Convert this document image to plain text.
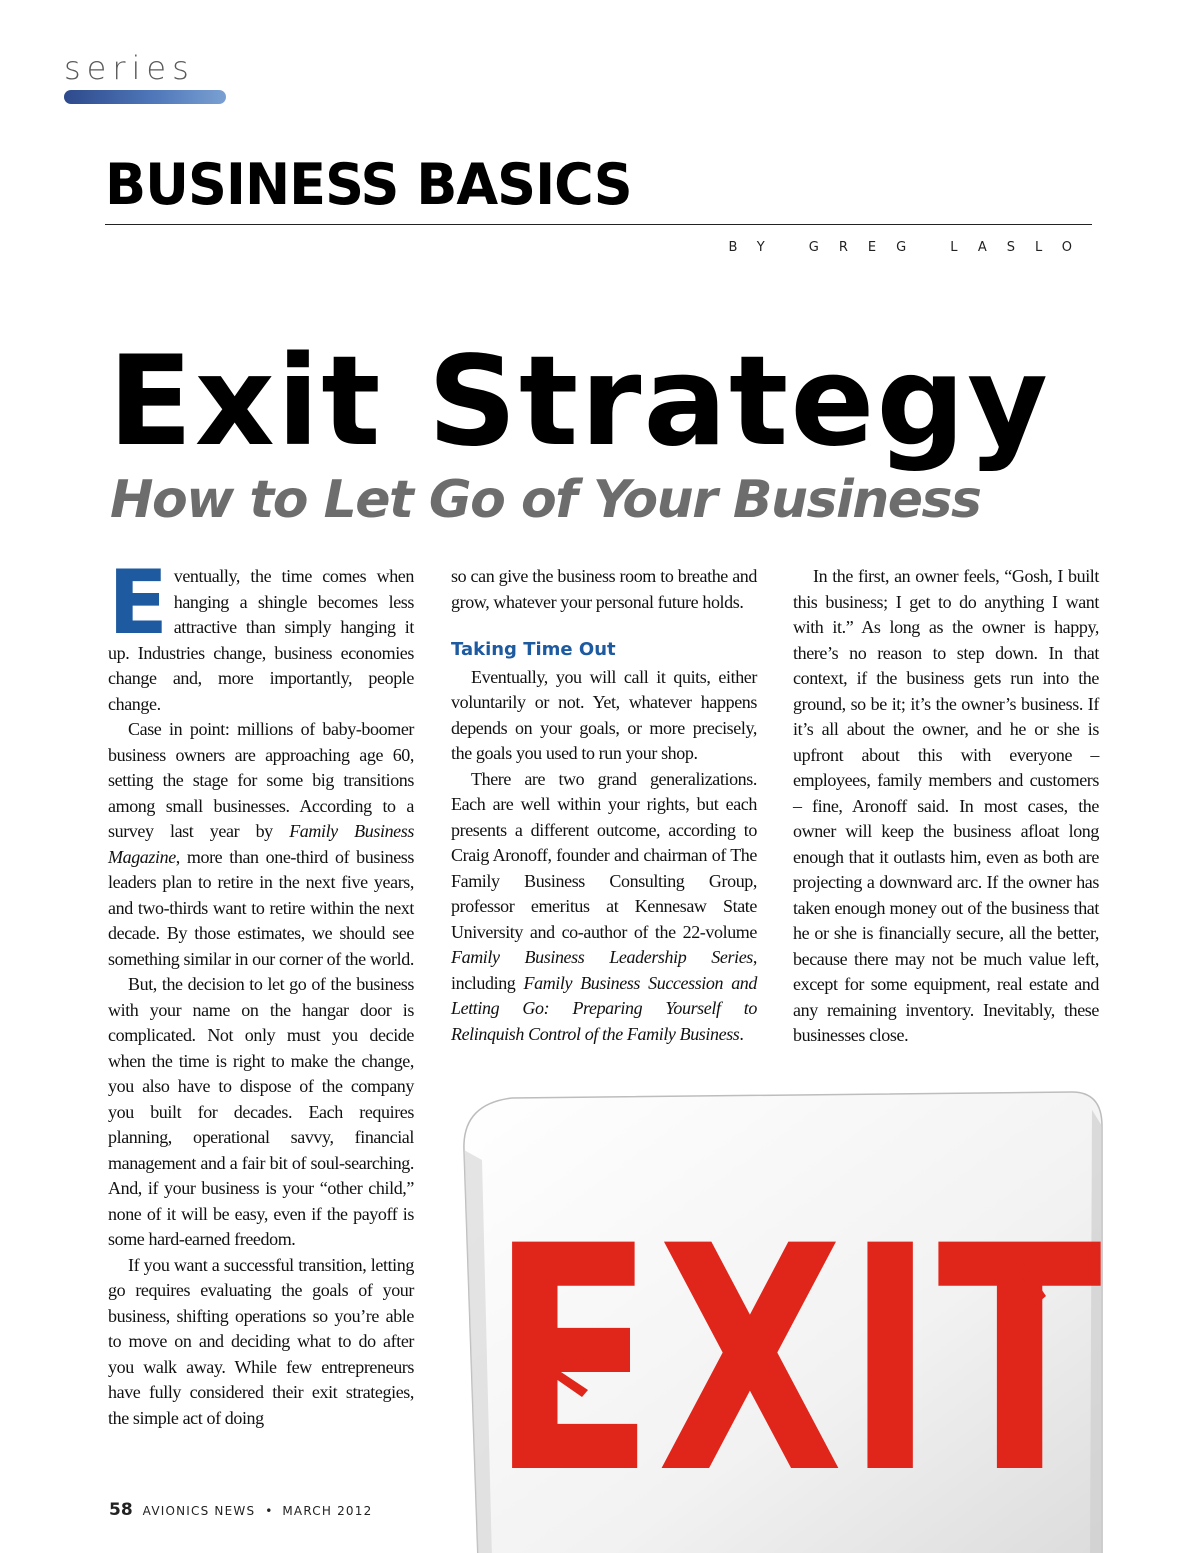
series
BUSINESS BASICS
BY GREG LASLO
Exit Strategy
How to Let Go of Your Business

Eventually, the time comes when hanging a shingle becomes less attractive than simply hanging it up. Industries change, business economies change and, more importantly, people change.

Case in point: millions of baby-boomer business owners are approaching age 60, setting the stage for some big transitions among small businesses. According to a survey last year by Family Business Magazine, more than one-third of business leaders plan to retire in the next five years, and two-thirds want to retire within the next decade. By those estimates, we should see something similar in our corner of the world.

But, the decision to let go of the business with your name on the hangar door is complicated. Not only must you decide when the time is right to make the change, you also have to dispose of the company you built for decades. Each requires planning, operational savvy, financial management and a fair bit of soul-searching. And, if your business is your “other child,” none of it will be easy, even if the payoff is some hard-earned freedom.

If you want a successful transition, letting go requires evaluating the goals of your business, shifting operations so you’re able to move on and deciding what to do after you walk away. While few entrepreneurs have fully considered their exit strategies, the simple act of doing

so can give the business room to breathe and grow, whatever your personal future holds.

Taking Time Out

Eventually, you will call it quits, either voluntarily or not. Yet, whatever happens depends on your goals, or more precisely, the goals you used to run your shop.

There are two grand generalizations. Each are well within your rights, but each presents a different outcome, according to Craig Aronoff, founder and chairman of The Family Business Consulting Group, professor emeritus at Kennesaw State University and co-author of the 22-volume Family Business Leadership Series, including Family Business Succession and Letting Go: Preparing Yourself to Relinquish Control of the Family Business.

In the first, an owner feels, “Gosh, I built this business; I get to do anything I want with it.” As long as the owner is happy, there’s no reason to step down. In that context, if the business gets run into the ground, so be it; it’s the owner’s business. If it’s all about the owner, and he or she is upfront about this with everyone – employees, family members and customers – fine, Aronoff said. In most cases, the owner will keep the business afloat long enough that it outlasts him, even as both are projecting a downward arc. If the owner has taken enough money out of the business that he or she is financially secure, all the better, because there may not be much value left, except for some equipment, real estate and any remaining inventory. Inevitably, these businesses close.

EXIT
58 AVIONICS NEWS • MARCH 2012
